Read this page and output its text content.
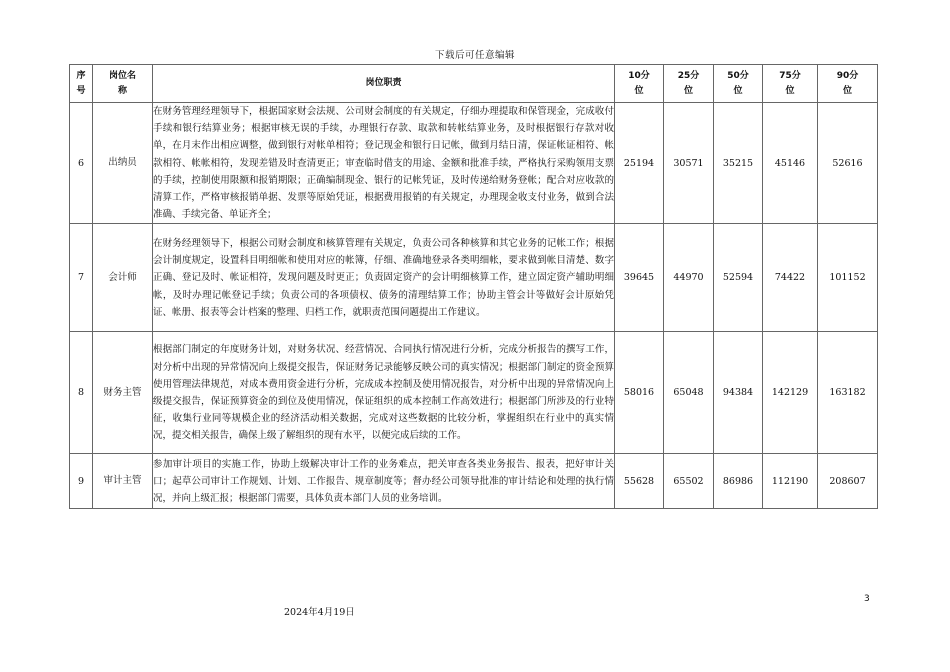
下载后可任意编辑
序号	岗位名称	岗位职责	10分位	25分位	50分位	75分位	90分位
6	出纳员	在财务管理经理领导下，根据国家财会法规、公司财会制度的有关规定，仔细办理提取和保管现金，完成收付手续和银行结算业务；根据审核无误的手续，办理银行存款、取款和转帐结算业务，及时根据银行存款对收单，在月末作出相应调整，做到银行对帐单相符；登记现金和银行日记帐，做到月结日清，保证帐证相符、帐款相符、帐帐相符，发现差错及时查清更正；审查临时借支的用途、金额和批准手续，严格执行采购领用支票的手续，控制使用限额和报销期限；正确编制现金、银行的记帐凭证，及时传递给财务登帐；配合对应收款的清算工作，严格审核报销单据、发票等原始凭证，根据费用报销的有关规定，办理现金收支付业务，做到合法准确、手续完备、单证齐全；	25194	30571	35215	45146	52616
7	会计师	在财务经理领导下，根据公司财会制度和核算管理有关规定，负责公司各种核算和其它业务的记帐工作；根据会计制度规定，设置科目明细帐和使用对应的帐簿，仔细、准确地登录各类明细帐，要求做到帐目清楚、数字正确、登记及时、帐证相符，发现问题及时更正；负责固定资产的会计明细核算工作，建立固定资产辅助明细帐，及时办理记帐登记手续；负责公司的各项债权、债务的清理结算工作；协助主管会计等做好会计原始凭证、帐册、报表等会计档案的整理、归档工作，就职责范围问题提出工作建议。	39645	44970	52594	74422	101152
8	财务主管	根据部门制定的年度财务计划，对财务状况、经营情况、合同执行情况进行分析，完成分析报告的撰写工作，对分析中出现的异常情况向上级提交报告，保证财务记录能够反映公司的真实情况；根据部门制定的资金预算使用管理法律规范，对成本费用资金进行分析，完成成本控制及使用情况报告，对分析中出现的异常情况向上级提交报告，保证预算资金的到位及使用情况，保证组织的成本控制工作高效进行；根据部门所涉及的行业特征，收集行业同等规模企业的经济活动相关数据，完成对这些数据的比较分析，掌握组织在行业中的真实情况，提交相关报告，确保上级了解组织的现有水平，以便完成后续的工作。	58016	65048	94384	142129	163182
9	审计主管	参加审计项目的实施工作，协助上级解决审计工作的业务难点，把关审查各类业务报告、报表，把好审计关口；起草公司审计工作规划、计划、工作报告、规章制度等；督办经公司领导批准的审计结论和处理的执行情况，并向上级汇报；根据部门需要，具体负责本部门人员的业务培训。	55628	65502	86986	112190	208607
3
2024年4月19日
